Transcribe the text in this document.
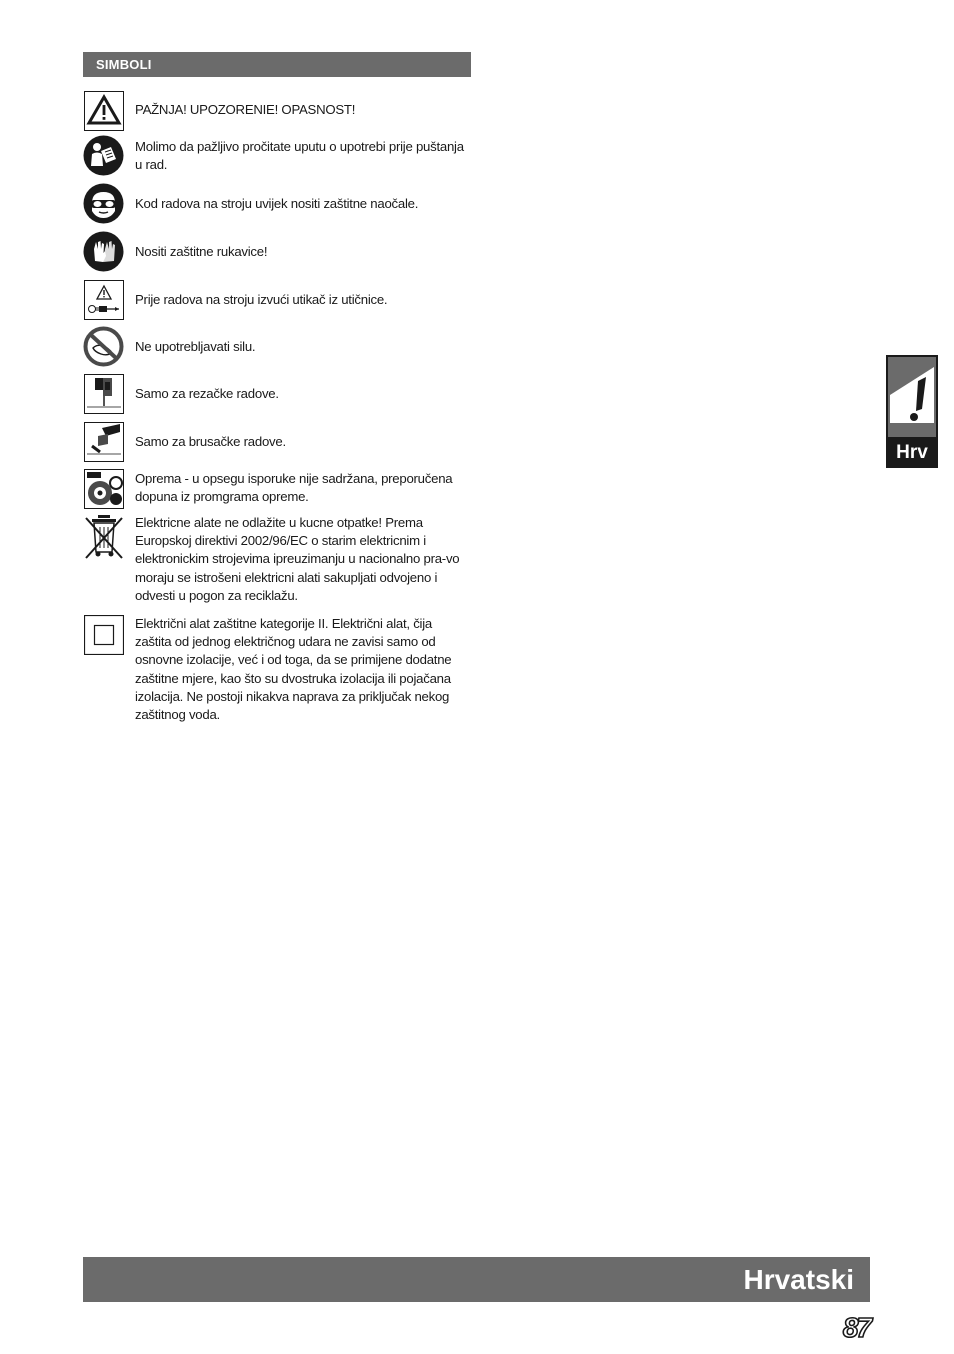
SIMBOLI
PAŽNJA! UPOZORENIE! OPASNOST!
Molimo da pažljivo pročitate uputu o upotrebi prije puštanja u rad.
Kod radova na stroju uvijek nositi zaštitne naočale.
Nositi zaštitne rukavice!
Prije radova na stroju izvući utikač iz utičnice.
Ne upotrebljavati silu.
Samo za rezačke radove.
Samo za brusačke radove.
Oprema - u opsegu isporuke nije sadržana, preporučena dopuna iz promgrama opreme.
Elektricne alate ne odlažite u kucne otpatke! Prema Europskoj direktivi 2002/96/EC o starim elektricnim i elektronickim strojevima ipreuzimanju u nacionalno pra-vo moraju se istrošeni elektricni alati sakupljati odvojeno i odvesti u pogon za reciklažu.
Električni alat zaštitne kategorije II. Električni alat, čija zaštita od jednog električnog udara ne zavisi samo od osnovne izolacije, već i od toga, da se primijene dodatne zaštitne mjere, kao što su dvostruka izolacija ili pojačana izolacija. Ne postoji nikakva naprava za priključak nekog zaštitnog voda.
Hrv
Hrvatski
87
